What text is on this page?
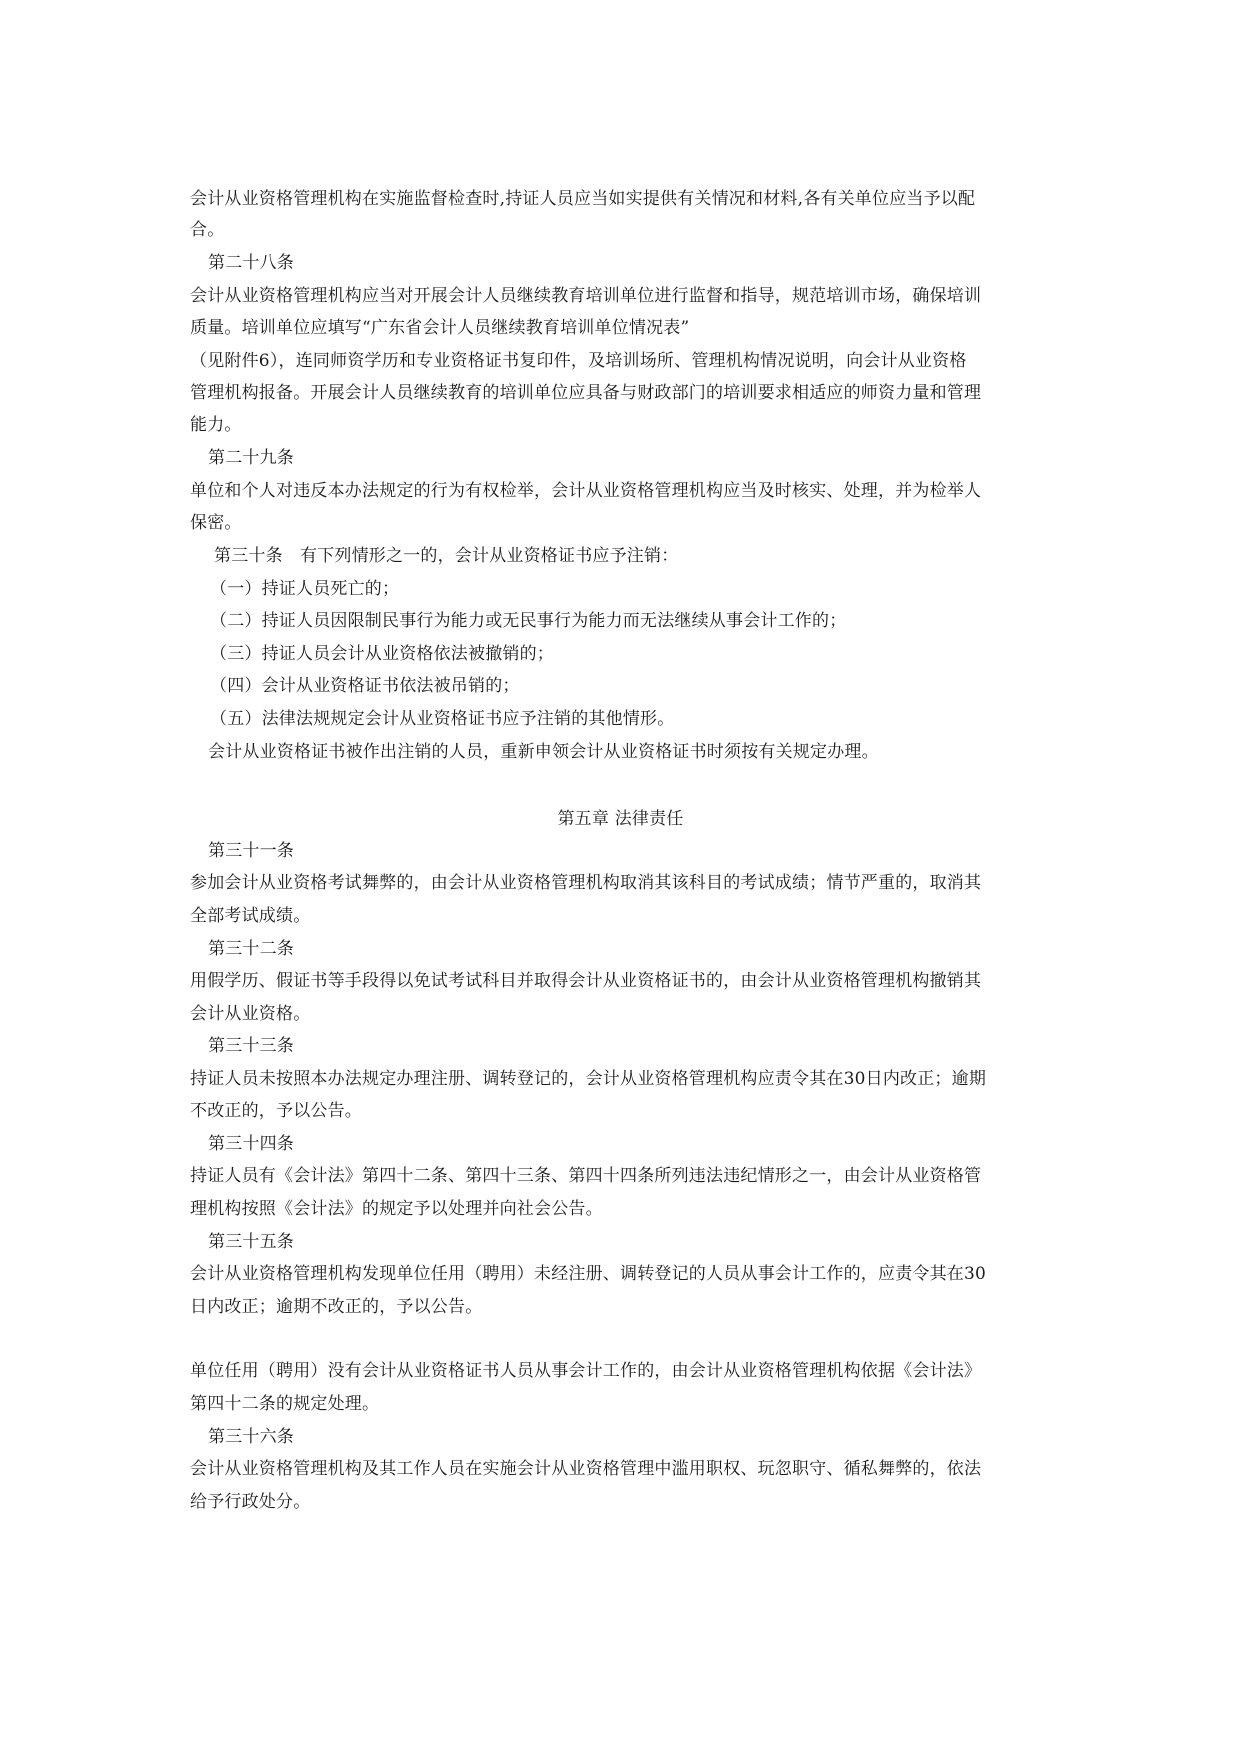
会计从业资格管理机构在实施监督检查时,持证人员应当如实提供有关情况和材料,各有关单位应当予以配
合。
第二十八条
会计从业资格管理机构应当对开展会计人员继续教育培训单位进行监督和指导，规范培训市场，确保培训
质量。培训单位应填写“广东省会计人员继续教育培训单位情况表”
（见附件6），连同师资学历和专业资格证书复印件，及培训场所、管理机构情况说明，向会计从业资格
管理机构报备。开展会计人员继续教育的培训单位应具备与财政部门的培训要求相适应的师资力量和管理
能力。
第二十九条
单位和个人对违反本办法规定的行为有权检举，会计从业资格管理机构应当及时核实、处理，并为检举人
保密。
第三十条　有下列情形之一的，会计从业资格证书应予注销：
（一）持证人员死亡的；
（二）持证人员因限制民事行为能力或无民事行为能力而无法继续从事会计工作的；
（三）持证人员会计从业资格依法被撤销的；
（四）会计从业资格证书依法被吊销的；
（五）法律法规规定会计从业资格证书应予注销的其他情形。
会计从业资格证书被作出注销的人员，重新申领会计从业资格证书时须按有关规定办理。
第五章 法律责任
第三十一条
参加会计从业资格考试舞弊的，由会计从业资格管理机构取消其该科目的考试成绩；情节严重的，取消其
全部考试成绩。
第三十二条
用假学历、假证书等手段得以免试考试科目并取得会计从业资格证书的，由会计从业资格管理机构撤销其
会计从业资格。
第三十三条
持证人员未按照本办法规定办理注册、调转登记的，会计从业资格管理机构应责令其在30日内改正；逾期
不改正的，予以公告。
第三十四条
持证人员有《会计法》第四十二条、第四十三条、第四十四条所列违法违纪情形之一，由会计从业资格管
理机构按照《会计法》的规定予以处理并向社会公告。
第三十五条
会计从业资格管理机构发现单位任用（聘用）未经注册、调转登记的人员从事会计工作的，应责令其在30
日内改正；逾期不改正的，予以公告。
单位任用（聘用）没有会计从业资格证书人员从事会计工作的，由会计从业资格管理机构依据《会计法》
第四十二条的规定处理。
第三十六条
会计从业资格管理机构及其工作人员在实施会计从业资格管理中滥用职权、玩忽职守、循私舞弊的，依法
给予行政处分。
